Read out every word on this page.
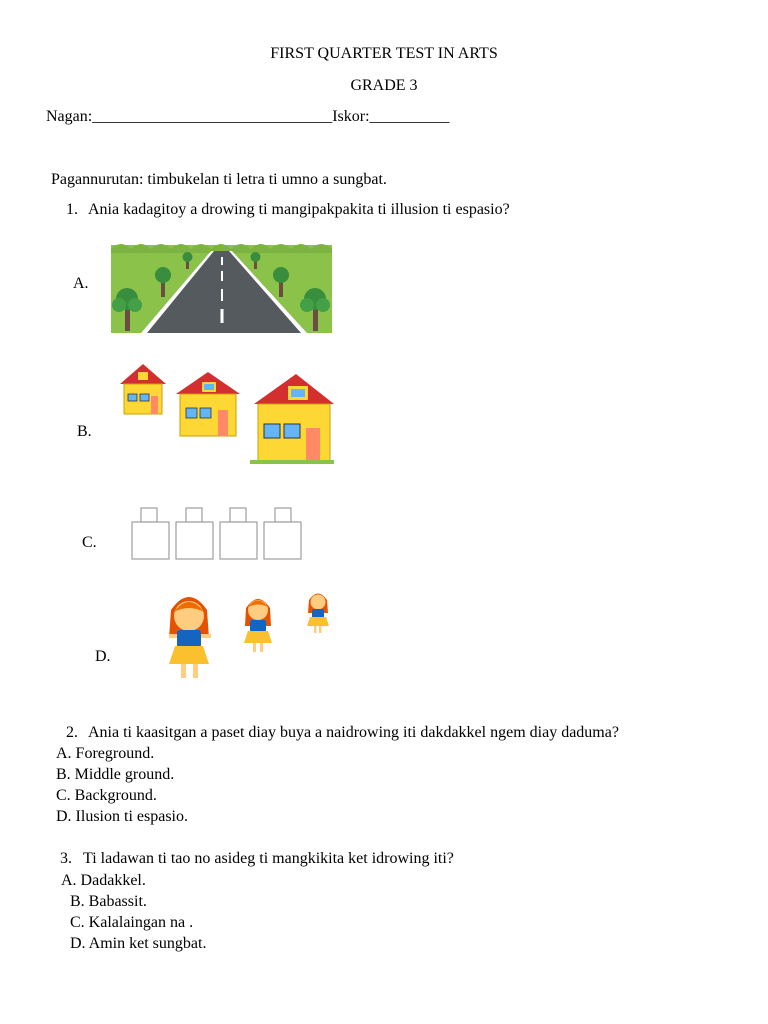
FIRST QUARTER TEST IN ARTS
GRADE 3
Nagan:______________________________Iskor:__________
Pagannurutan: timbukelan ti letra ti umno a sungbat.
1. Ania kadagitoy a drowing ti mangipakpakita ti illusion ti espasio?
A.
B.
C.
D.
2. Ania ti kaasitgan a paset diay buya a naidrowing iti dakdakkel ngem diay daduma?
A. Foreground.
B. Middle ground.
C. Background.
D. Ilusion ti espasio.
3. Ti ladawan ti tao no asideg ti mangkikita ket idrowing iti?
A. Dadakkel.
B. Babassit.
C. Kalalaingan na .
D. Amin ket sungbat.
